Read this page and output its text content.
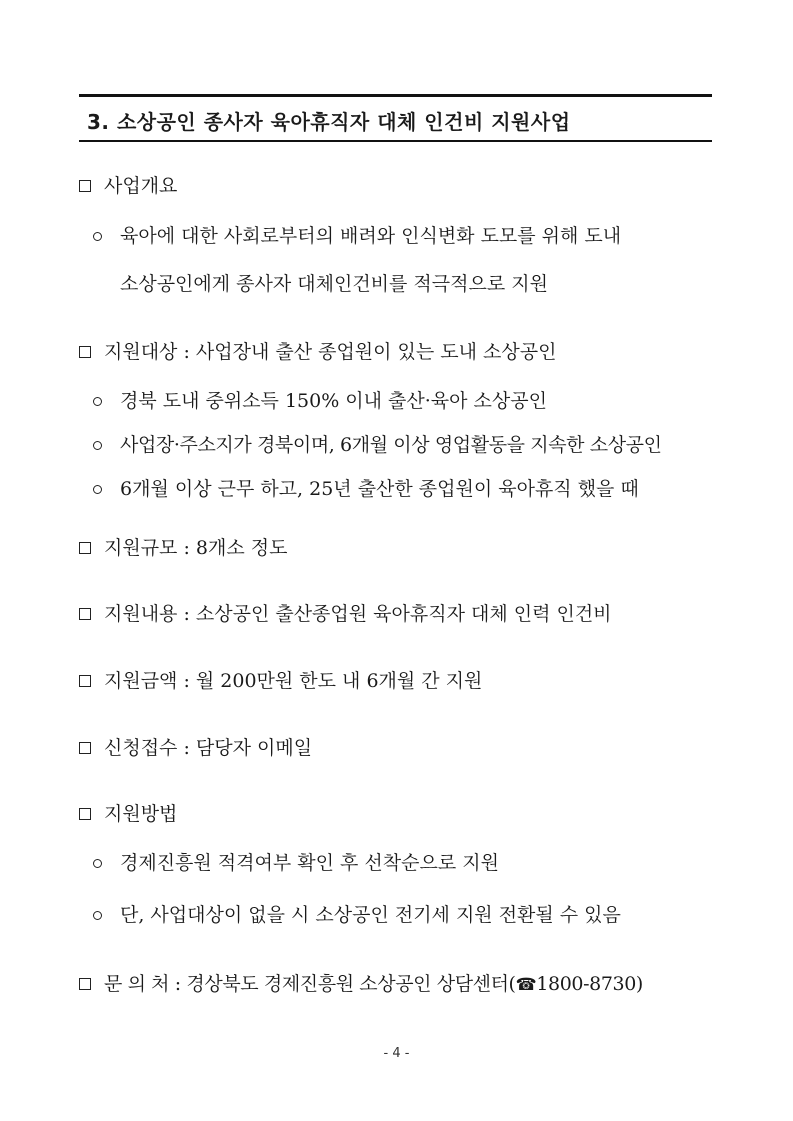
3. 소상공인 종사자 육아휴직자 대체 인건비 지원사업
사업개요
육아에 대한 사회로부터의 배려와 인식변화 도모를 위해 도내
소상공인에게 종사자 대체인건비를 적극적으로 지원
지원대상 : 사업장내 출산 종업원이 있는 도내 소상공인
경북 도내 중위소득 150% 이내 출산·육아 소상공인
사업장·주소지가 경북이며, 6개월 이상 영업활동을 지속한 소상공인
6개월 이상 근무 하고, 25년 출산한 종업원이 육아휴직 했을 때
지원규모 : 8개소 정도
지원내용 : 소상공인 출산종업원 육아휴직자 대체 인력 인건비
지원금액 : 월 200만원 한도 내 6개월 간 지원
신청접수 : 담당자 이메일
지원방법
경제진흥원 적격여부 확인 후 선착순으로 지원
단, 사업대상이 없을 시 소상공인 전기세 지원 전환될 수 있음
문 의 처 : 경상북도 경제진흥원 소상공인 상담센터(☎1800-8730)
- 4 -
